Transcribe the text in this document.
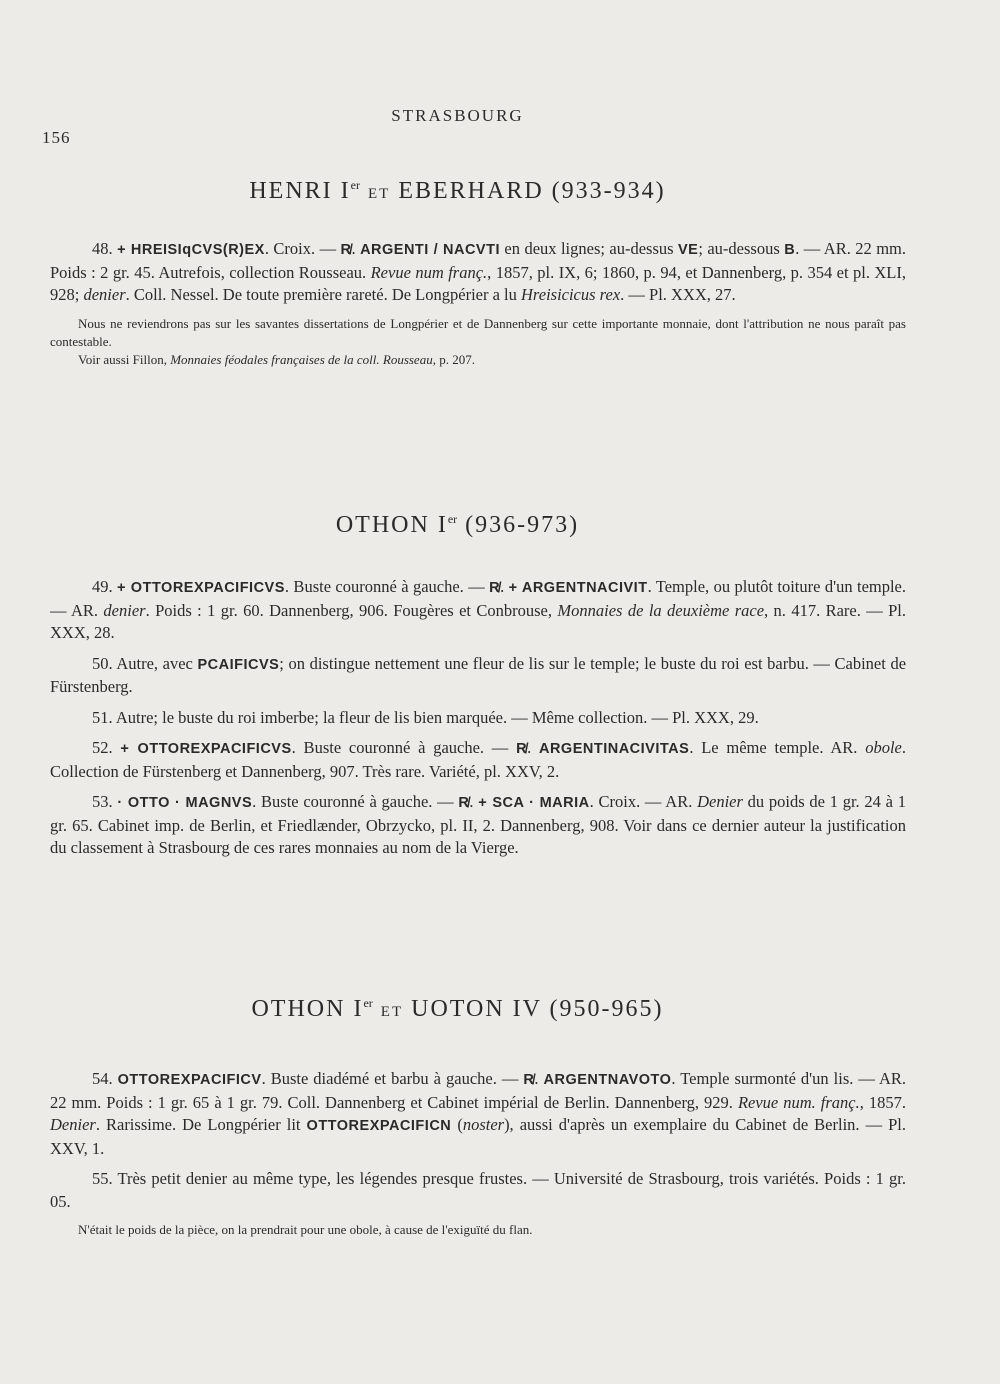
156
STRASBOURG
HENRI Ier ET EBERHARD (933-934)

48. + HREISIqCVS(R)EX. Croix. — R̸. ARGENTI / NACVTI en deux lignes; au-dessus VE; au-dessous B. — AR. 22 mm. Poids : 2 gr. 45. Autrefois, collection Rousseau. Revue num franç., 1857, pl. IX, 6; 1860, p. 94, et Dannenberg, p. 354 et pl. XLI, 928; denier. Coll. Nessel. De toute première rareté. De Longpérier a lu Hreisicicus rex. — Pl. XXX, 27.

Nous ne reviendrons pas sur les savantes dissertations de Longpérier et de Dannenberg sur cette importante monnaie, dont l'attribution ne nous paraît pas contestable.

Voir aussi Fillon, Monnaies féodales françaises de la coll. Rousseau, p. 207.

OTHON Ier (936-973)

49. + OTTOREXPACIFICVS. Buste couronné à gauche. — R̸. + ARGENTNACIVIT. Temple, ou plutôt toiture d'un temple. — AR. denier. Poids : 1 gr. 60. Dannenberg, 906. Fougères et Conbrouse, Monnaies de la deuxième race, n. 417. Rare. — Pl. XXX, 28.

50. Autre, avec PCAIFICVS; on distingue nettement une fleur de lis sur le temple; le buste du roi est barbu. — Cabinet de Fürstenberg.

51. Autre; le buste du roi imberbe; la fleur de lis bien marquée. — Même collection. — Pl. XXX, 29.

52. + OTTOREXPACIFICVS. Buste couronné à gauche. — R̸. ARGENTINACIVITAS. Le même temple. AR. obole. Collection de Fürstenberg et Dannenberg, 907. Très rare. Variété, pl. XXV, 2.

53. · OTTO · MAGNVS. Buste couronné à gauche. — R̸. + SCA · MARIA. Croix. — AR. Denier du poids de 1 gr. 24 à 1 gr. 65. Cabinet imp. de Berlin, et Friedlænder, Obrzycko, pl. II, 2. Dannenberg, 908. Voir dans ce dernier auteur la justification du classement à Strasbourg de ces rares monnaies au nom de la Vierge.

OTHON Ier ET UOTON IV (950-965)

54. OTTOREXPACIFICV. Buste diadémé et barbu à gauche. — R̸. ARGENTNAVOTO. Temple surmonté d'un lis. — AR. 22 mm. Poids : 1 gr. 65 à 1 gr. 79. Coll. Dannenberg et Cabinet impérial de Berlin. Dannenberg, 929. Revue num. franç., 1857. Denier. Rarissime. De Longpérier lit OTTOREXPACIFICN (noster), aussi d'après un exemplaire du Cabinet de Berlin. — Pl. XXV, 1.

55. Très petit denier au même type, les légendes presque frustes. — Université de Strasbourg, trois variétés. Poids : 1 gr. 05.

N'était le poids de la pièce, on la prendrait pour une obole, à cause de l'exiguïté du flan.
